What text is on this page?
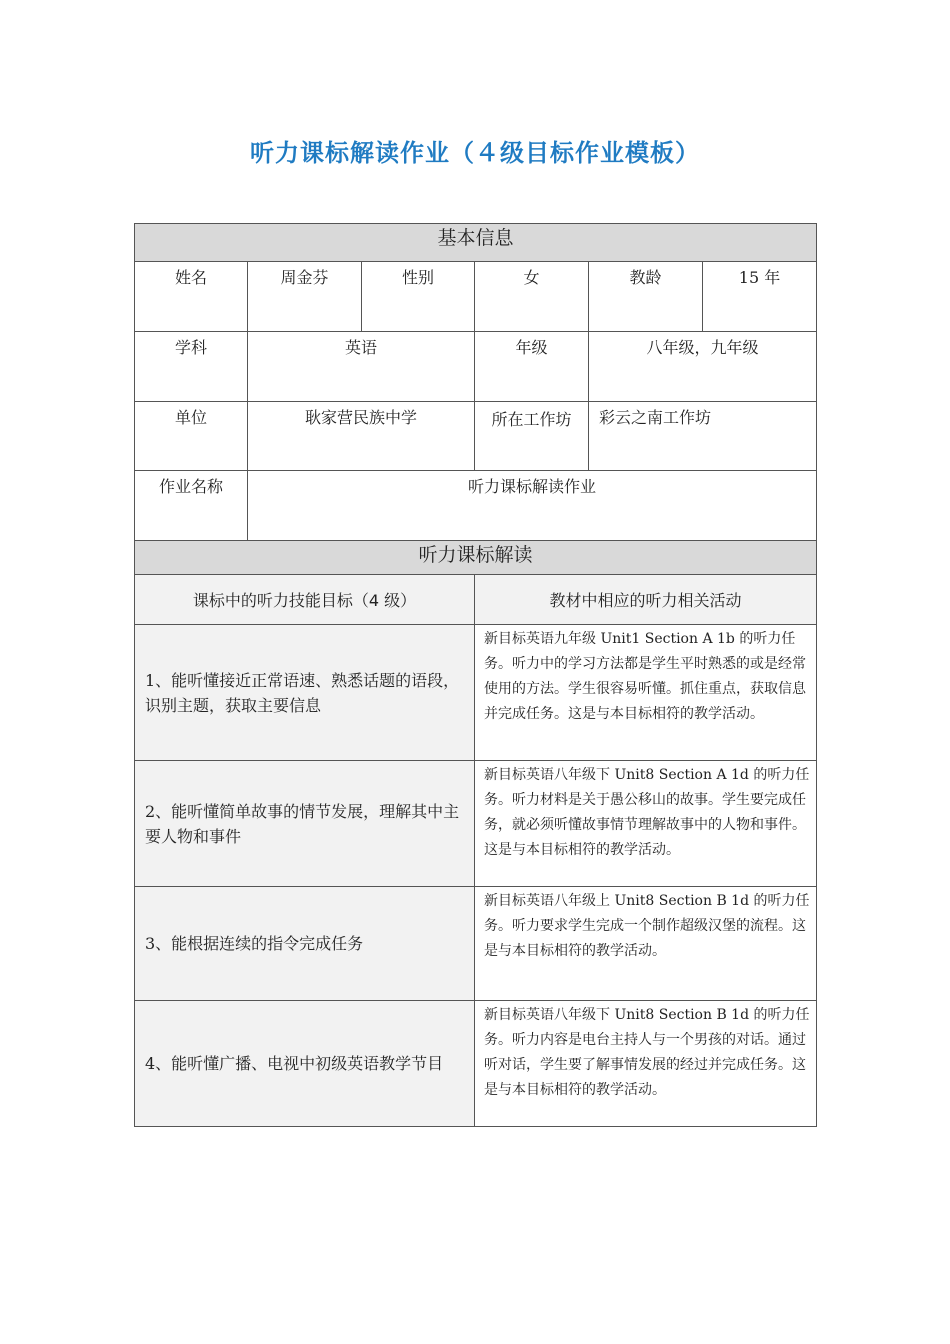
听力课标解读作业（４级目标作业模板）
基本信息					
姓名	周金芬	性别	女	教龄	15 年
学科	英语		年级	八年级，九年级	
单位	耿家营民族中学		所在工作坊	彩云之南工作坊	
作业名称	听力课标解读作业				
听力课标解读					
课标中的听力技能目标（4 级）			教材中相应的听力相关活动		
1、能听懂接近正常语速、熟悉话题的语段，识别主题，获取主要信息			新目标英语九年级 Unit1 Section A 1b 的听力任务。听力中的学习方法都是学生平时熟悉的或是经常使用的方法。学生很容易听懂。抓住重点，获取信息并完成任务。这是与本目标相符的教学活动。		
2、能听懂简单故事的情节发展，理解其中主要人物和事件			新目标英语八年级下 Unit8 Section A 1d 的听力任务。听力材料是关于愚公移山的故事。学生要完成任务，就必须听懂故事情节理解故事中的人物和事件。这是与本目标相符的教学活动。		
3、能根据连续的指令完成任务			新目标英语八年级上 Unit8 Section B 1d 的听力任务。听力要求学生完成一个制作超级汉堡的流程。这是与本目标相符的教学活动。		
4、能听懂广播、电视中初级英语教学节目			新目标英语八年级下 Unit8 Section B 1d 的听力任务。听力内容是电台主持人与一个男孩的对话。通过听对话，学生要了解事情发展的经过并完成任务。这是与本目标相符的教学活动。		
